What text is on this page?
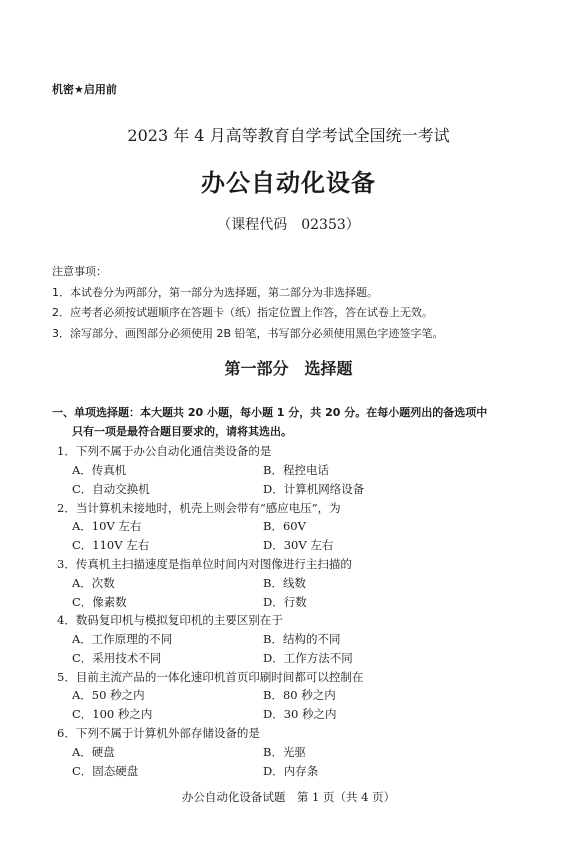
机密★启用前
2023 年 4 月高等教育自学考试全国统一考试
办公自动化设备
（课程代码　02353）
注意事项：
1．本试卷分为两部分，第一部分为选择题，第二部分为非选择题。
2．应考者必须按试题顺序在答题卡（纸）指定位置上作答，答在试卷上无效。
3．涂写部分、画图部分必须使用 2B 铅笔，书写部分必须使用黑色字迹签字笔。
第一部分　选择题
一、单项选择题：本大题共 20 小题，每小题 1 分，共 20 分。在每小题列出的备选项中
只有一项是最符合题目要求的，请将其选出。
1．下列不属于办公自动化通信类设备的是
A．传真机	B．程控电话
C．自动交换机	D．计算机网络设备
2．当计算机未接地时，机壳上则会带有“感应电压”，为
A．10V 左右	B．60V
C．110V 左右	D．30V 左右
3．传真机主扫描速度是指单位时间内对图像进行主扫描的
A．次数	B．线数
C．像素数	D．行数
4．数码复印机与模拟复印机的主要区别在于
A．工作原理的不同	B．结构的不同
C．采用技术不同	D．工作方法不同
5．目前主流产品的一体化速印机首页印刷时间都可以控制在
A．50 秒之内	B．80 秒之内
C．100 秒之内	D．30 秒之内
6．下列不属于计算机外部存储设备的是
A．硬盘	B．光驱
C．固态硬盘	D．内存条
办公自动化设备试题　第 1 页（共 4 页）
